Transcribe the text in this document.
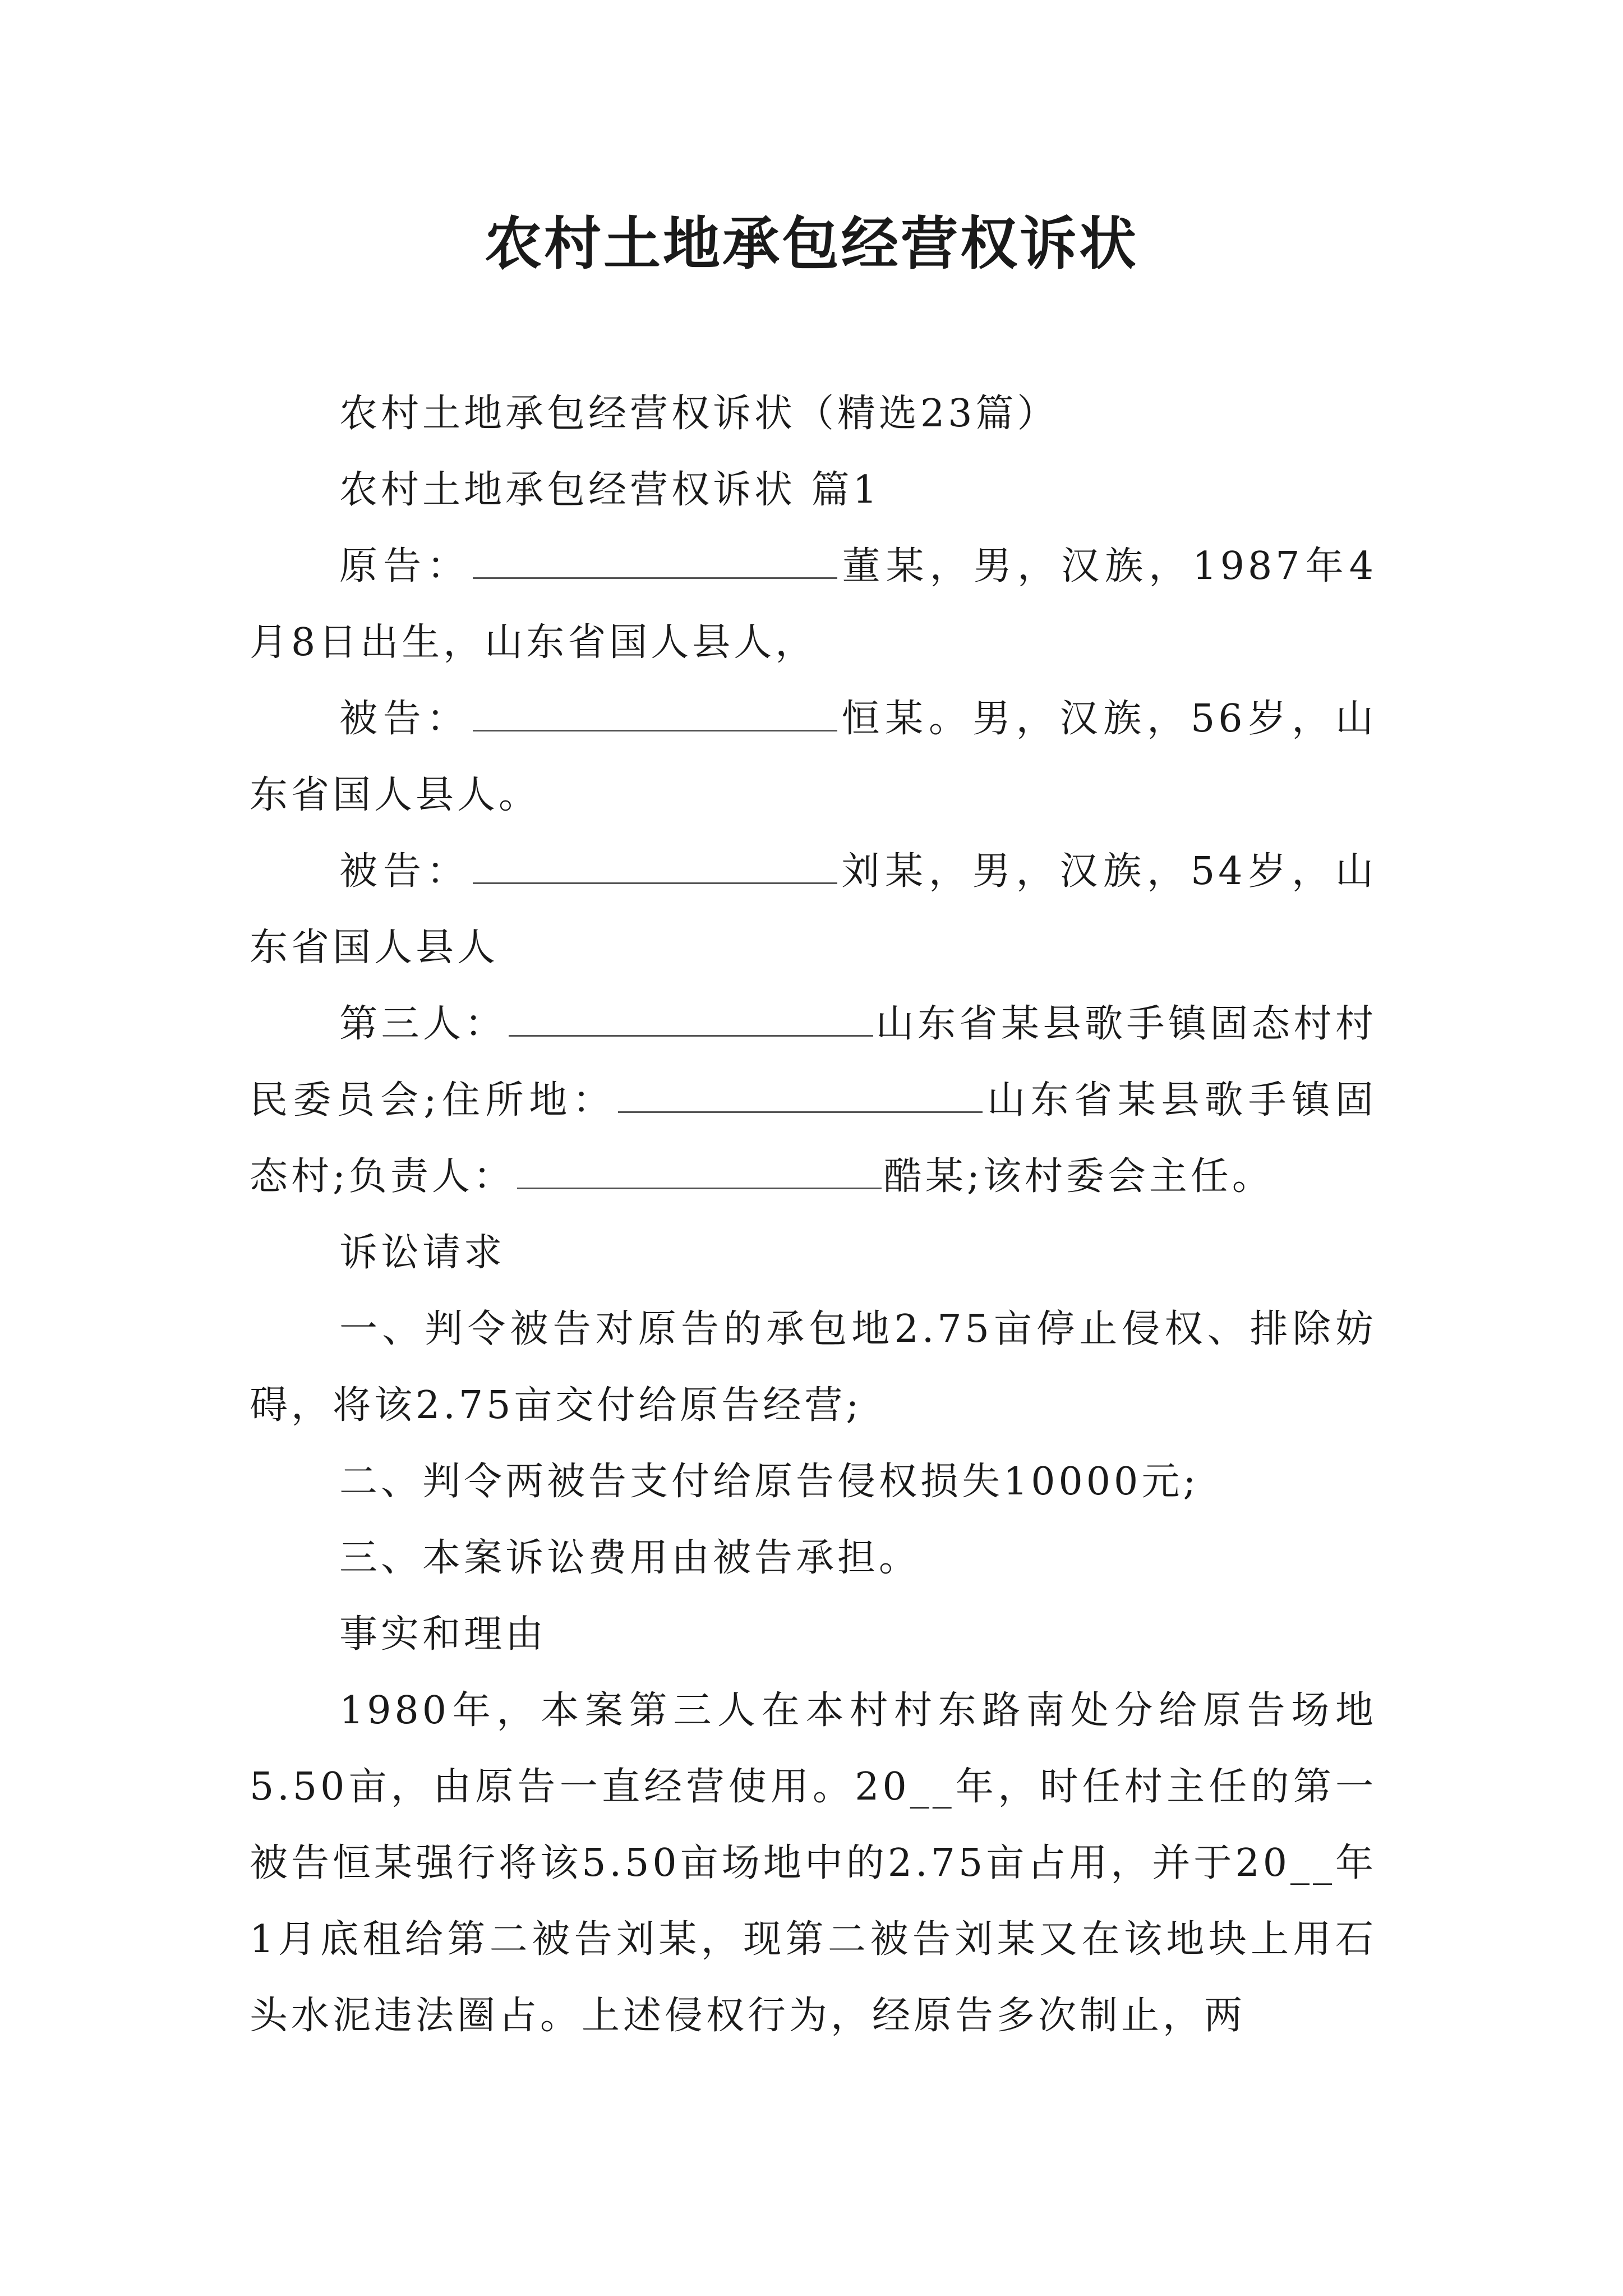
农村土地承包经营权诉状

农村土地承包经营权诉状（精选23篇）

农村土地承包经营权诉状 篇1

原告：	董某，男，汉族，1987年4月8日出生，山东省国人县人，

被告：	恒某。男，汉族，56岁，山东省国人县人。

被告：	刘某，男，汉族，54岁，山东省国人县人

第三人：	山东省某县歌手镇固态村村民委员会;住所地：	山东省某县歌手镇固态村;负责人：	酷某;该村委会主任。

诉讼请求

一、判令被告对原告的承包地2.75亩停止侵权、排除妨碍，将该2.75亩交付给原告经营;

二、判令两被告支付给原告侵权损失10000元;

三、本案诉讼费用由被告承担。

事实和理由

1980年，本案第三人在本村村东路南处分给原告场地5.50亩，由原告一直经营使用。20__年，时任村主任的第一被告恒某强行将该5.50亩场地中的2.75亩占用，并于20__年1月底租给第二被告刘某，现第二被告刘某又在该地块上用石头水泥违法圈占。上述侵权行为，经原告多次制止，两
